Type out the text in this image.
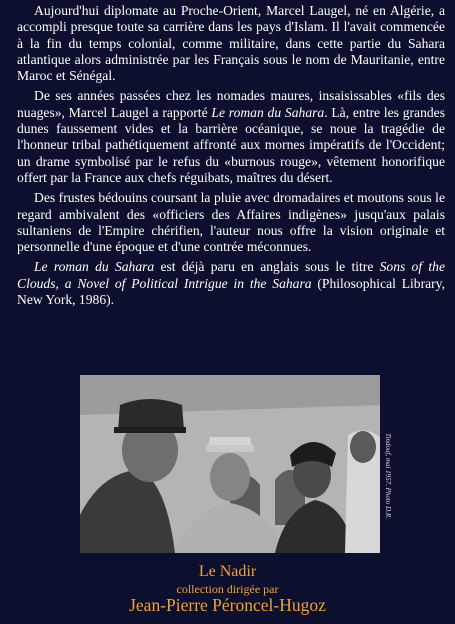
Aujourd'hui diplomate au Proche-Orient, Marcel Laugel, né en Algérie, a accompli presque toute sa carrière dans les pays d'Islam. Il l'avait commencée à la fin du temps colonial, comme militaire, dans cette partie du Sahara atlantique alors administrée par les Français sous le nom de Mauritanie, entre Maroc et Sénégal.

De ses années passées chez les nomades maures, insaisissables «fils des nuages», Marcel Laugel a rapporté Le roman du Sahara. Là, entre les grandes dunes faussement vides et la barrière océanique, se noue la tragédie de l'honneur tribal pathétiquement affronté aux mornes impératifs de l'Occident; un drame symbolisé par le refus du «burnous rouge», vêtement honorifique offert par la France aux chefs réguibats, maîtres du désert.

Des frustes bédouins coursant la pluie avec dromadaires et moutons sous le regard ambivalent des «officiers des Affaires indigènes» jusqu'aux palais sultaniens de l'Empire chérifien, l'auteur nous offre la vision originale et personnelle d'une époque et d'une contrée méconnues.

Le roman du Sahara est déjà paru en anglais sous le titre Sons of the Clouds, a Novel of Political Intrigue in the Sahara (Philosophical Library, New York, 1986).

Tindouf, mai 1957. Photo D.R.
Le Nadir
collection dirigée par
Jean-Pierre Péroncel-Hugoz
